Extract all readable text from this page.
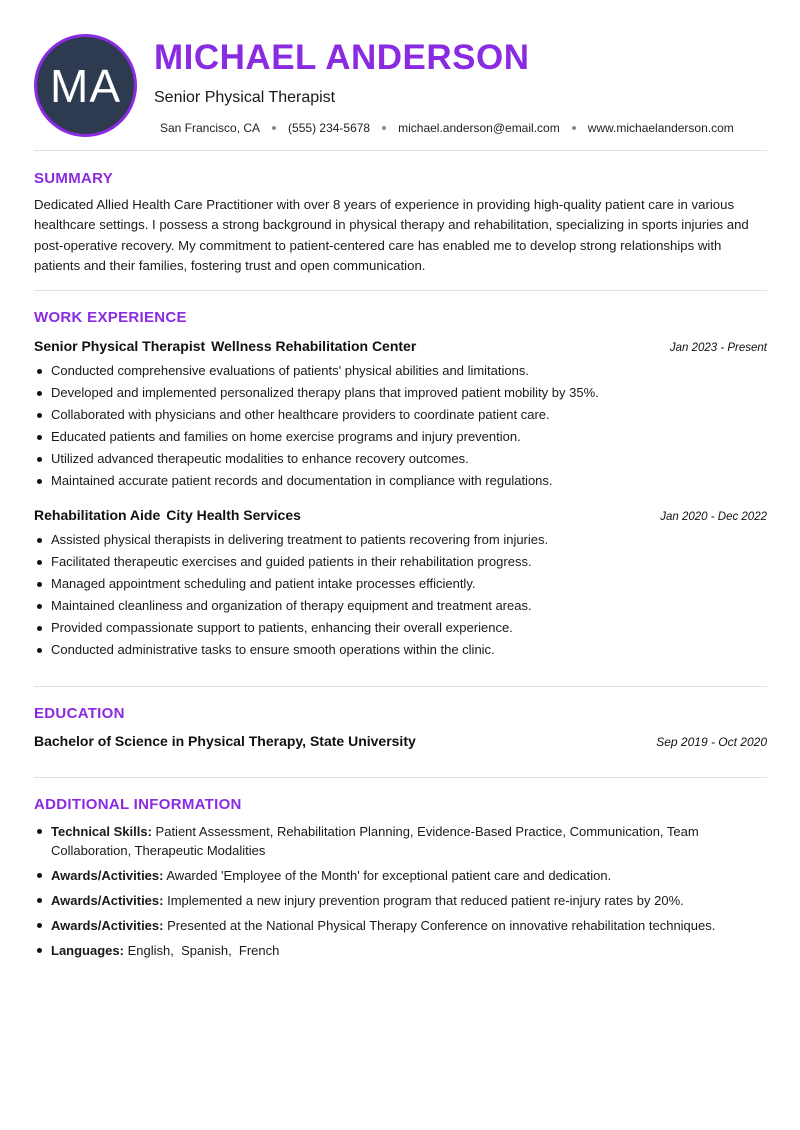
MA
MICHAEL ANDERSON
Senior Physical Therapist
San Francisco, CA (555) 234-5678 michael.anderson@email.com www.michaelanderson.com
SUMMARY
Dedicated Allied Health Care Practitioner with over 8 years of experience in providing high-quality patient care in various healthcare settings. I possess a strong background in physical therapy and rehabilitation, specializing in sports injuries and post-operative recovery. My commitment to patient-centered care has enabled me to develop strong relationships with patients and their families, fostering trust and open communication.
WORK EXPERIENCE
Senior Physical Therapist Wellness Rehabilitation Center	Jan 2023 - Present
Conducted comprehensive evaluations of patients' physical abilities and limitations.
Developed and implemented personalized therapy plans that improved patient mobility by 35%.
Collaborated with physicians and other healthcare providers to coordinate patient care.
Educated patients and families on home exercise programs and injury prevention.
Utilized advanced therapeutic modalities to enhance recovery outcomes.
Maintained accurate patient records and documentation in compliance with regulations.
Rehabilitation Aide City Health Services	Jan 2020 - Dec 2022
Assisted physical therapists in delivering treatment to patients recovering from injuries.
Facilitated therapeutic exercises and guided patients in their rehabilitation progress.
Managed appointment scheduling and patient intake processes efficiently.
Maintained cleanliness and organization of therapy equipment and treatment areas.
Provided compassionate support to patients, enhancing their overall experience.
Conducted administrative tasks to ensure smooth operations within the clinic.
EDUCATION
Bachelor of Science in Physical Therapy, State University	Sep 2019 - Oct 2020
ADDITIONAL INFORMATION
Technical Skills: Patient Assessment, Rehabilitation Planning, Evidence-Based Practice, Communication, Team Collaboration, Therapeutic Modalities
Awards/Activities: Awarded 'Employee of the Month' for exceptional patient care and dedication.
Awards/Activities: Implemented a new injury prevention program that reduced patient re-injury rates by 20%.
Awards/Activities: Presented at the National Physical Therapy Conference on innovative rehabilitation techniques.
Languages: English , Spanish , French
